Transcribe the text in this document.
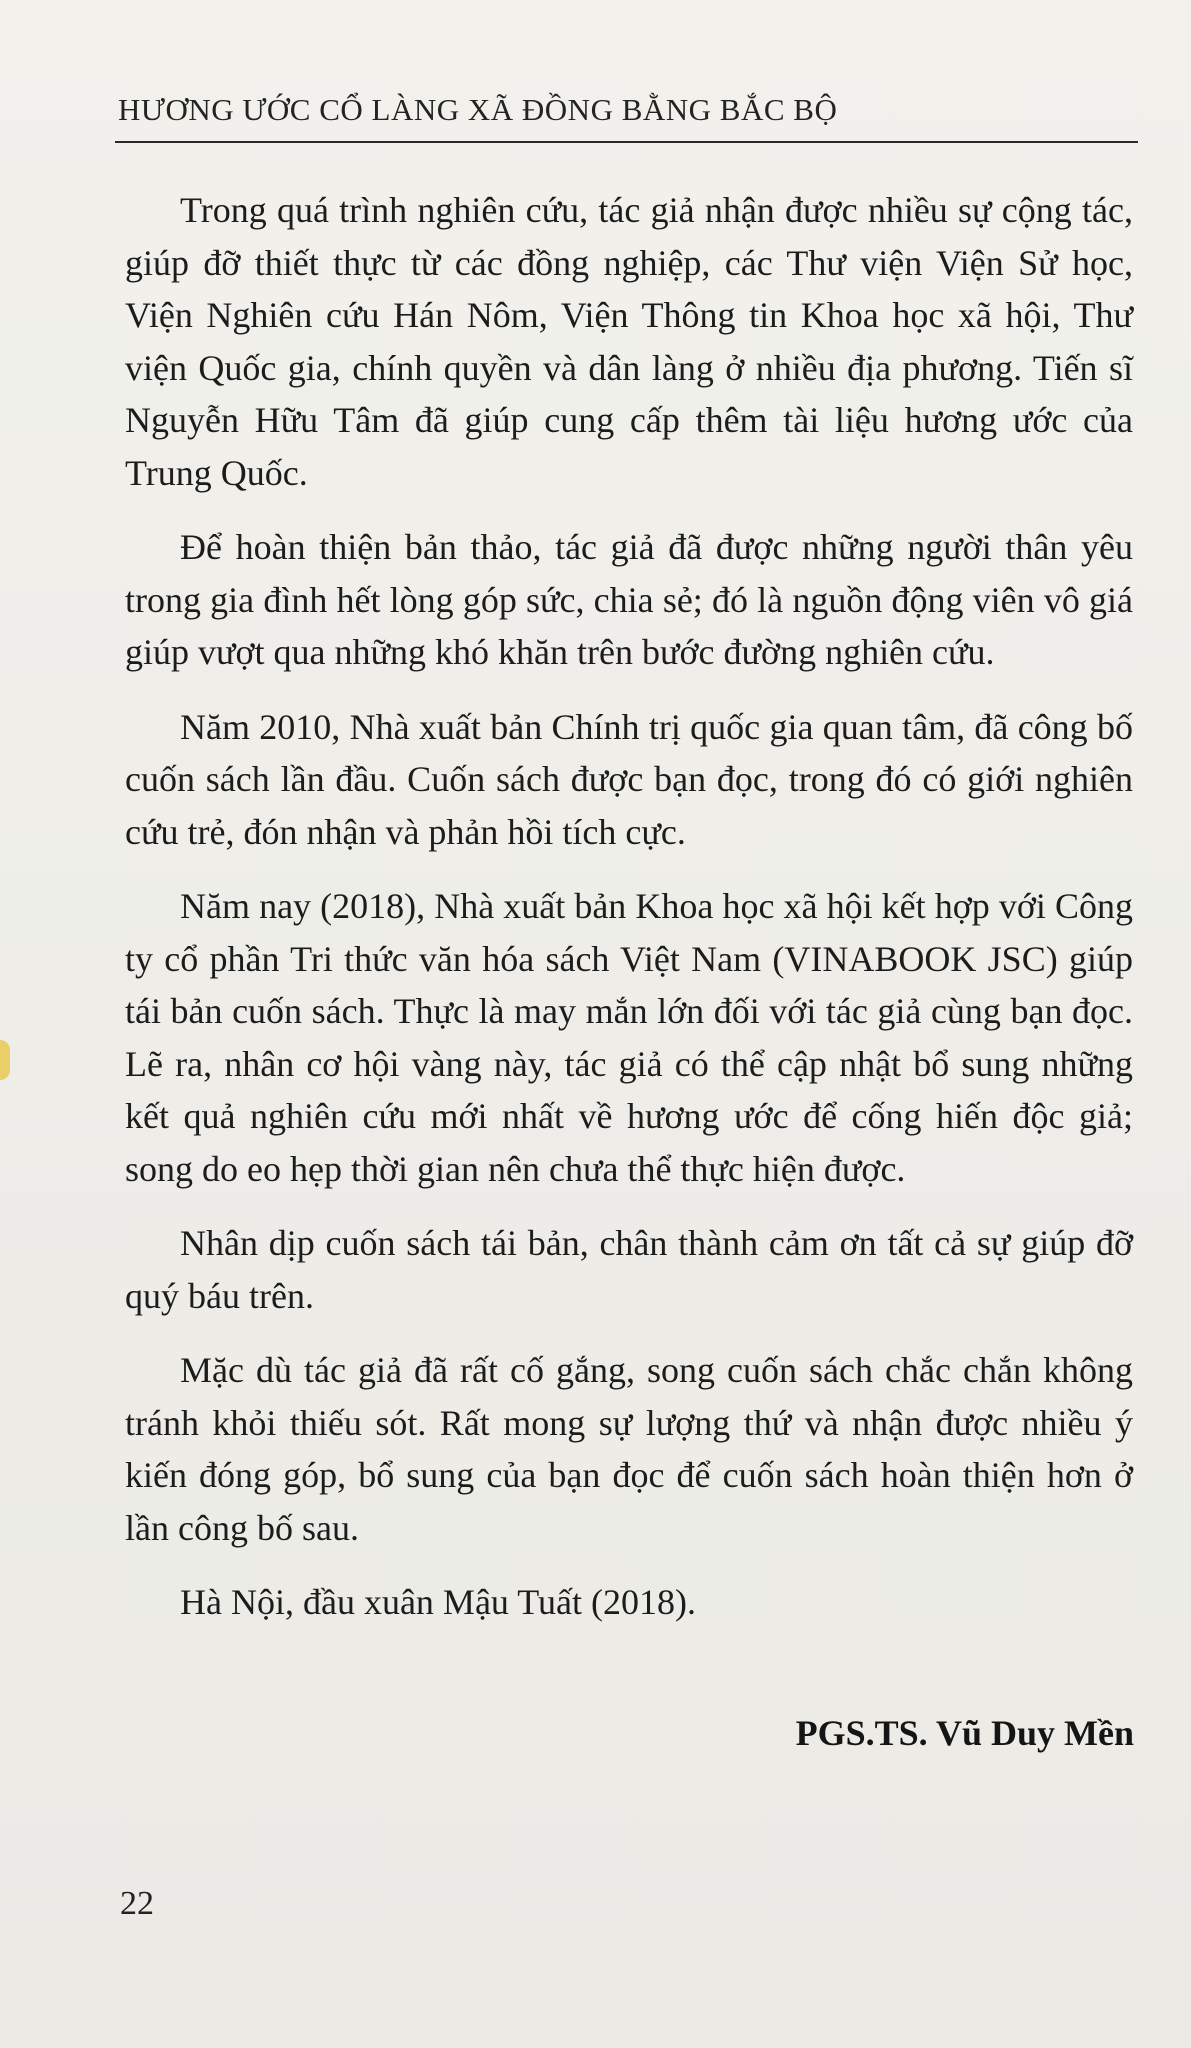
HƯƠNG ƯỚC CỔ LÀNG XÃ ĐỒNG BẰNG BẮC BỘ

Trong quá trình nghiên cứu, tác giả nhận được nhiều sự cộng tác, giúp đỡ thiết thực từ các đồng nghiệp, các Thư viện Viện Sử học, Viện Nghiên cứu Hán Nôm, Viện Thông tin Khoa học xã hội, Thư viện Quốc gia, chính quyền và dân làng ở nhiều địa phương. Tiến sĩ Nguyễn Hữu Tâm đã giúp cung cấp thêm tài liệu hương ước của Trung Quốc.

Để hoàn thiện bản thảo, tác giả đã được những người thân yêu trong gia đình hết lòng góp sức, chia sẻ; đó là nguồn động viên vô giá giúp vượt qua những khó khăn trên bước đường nghiên cứu.

Năm 2010, Nhà xuất bản Chính trị quốc gia quan tâm, đã công bố cuốn sách lần đầu. Cuốn sách được bạn đọc, trong đó có giới nghiên cứu trẻ, đón nhận và phản hồi tích cực.

Năm nay (2018), Nhà xuất bản Khoa học xã hội kết hợp với Công ty cổ phần Tri thức văn hóa sách Việt Nam (VINABOOK JSC) giúp tái bản cuốn sách. Thực là may mắn lớn đối với tác giả cùng bạn đọc. Lẽ ra, nhân cơ hội vàng này, tác giả có thể cập nhật bổ sung những kết quả nghiên cứu mới nhất về hương ước để cống hiến độc giả; song do eo hẹp thời gian nên chưa thể thực hiện được.

Nhân dịp cuốn sách tái bản, chân thành cảm ơn tất cả sự giúp đỡ quý báu trên.

Mặc dù tác giả đã rất cố gắng, song cuốn sách chắc chắn không tránh khỏi thiếu sót. Rất mong sự lượng thứ và nhận được nhiều ý kiến đóng góp, bổ sung của bạn đọc để cuốn sách hoàn thiện hơn ở lần công bố sau.

Hà Nội, đầu xuân Mậu Tuất (2018).

PGS.TS. Vũ Duy Mền
22
